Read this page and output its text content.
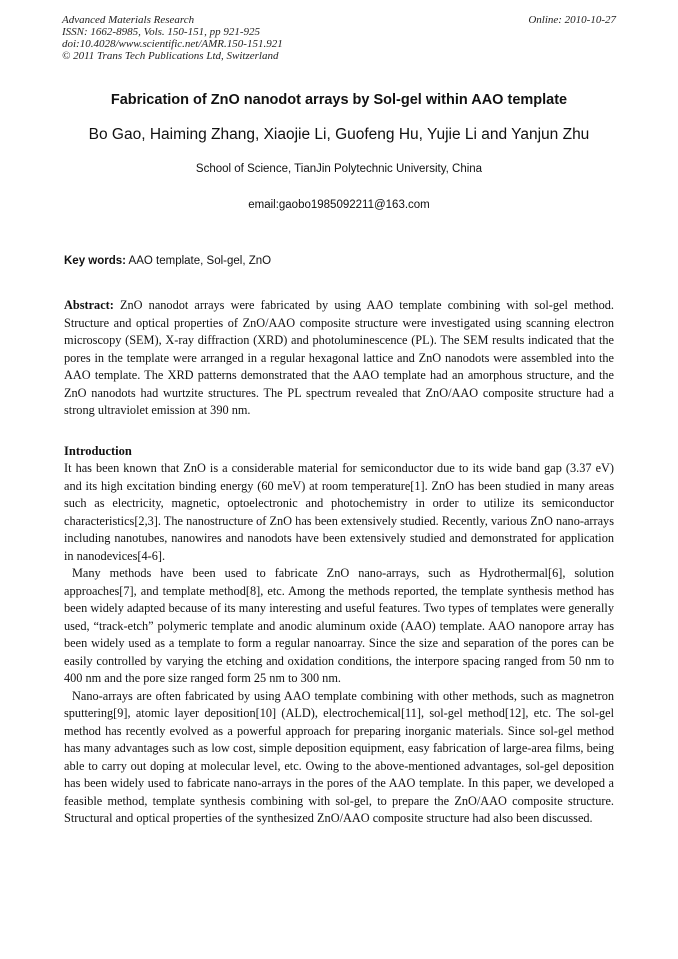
Advanced Materials Research
ISSN: 1662-8985, Vols. 150-151, pp 921-925
doi:10.4028/www.scientific.net/AMR.150-151.921
© 2011 Trans Tech Publications Ltd, Switzerland
Online: 2010-10-27
Fabrication of ZnO nanodot arrays by Sol-gel within AAO template
Bo Gao, Haiming Zhang, Xiaojie Li, Guofeng Hu, Yujie Li and Yanjun Zhu
School of Science, TianJin Polytechnic University, China
email:gaobo1985092211@163.com
Key words: AAO template, Sol-gel, ZnO
Abstract: ZnO nanodot arrays were fabricated by using AAO template combining with sol-gel method. Structure and optical properties of ZnO/AAO composite structure were investigated using scanning electron microscopy (SEM), X-ray diffraction (XRD) and photoluminescence (PL). The SEM results indicated that the pores in the template were arranged in a regular hexagonal lattice and ZnO nanodots were assembled into the AAO template. The XRD patterns demonstrated that the AAO template had an amorphous structure, and the ZnO nanodots had wurtzite structures. The PL spectrum revealed that ZnO/AAO composite structure had a strong ultraviolet emission at 390 nm.
Introduction

It has been known that ZnO is a considerable material for semiconductor due to its wide band gap (3.37 eV) and its high excitation binding energy (60 meV) at room temperature[1]. ZnO has been studied in many areas such as electricity, magnetic, optoelectronic and photochemistry in order to utilize its semiconductor characteristics[2,3]. The nanostructure of ZnO has been extensively studied. Recently, various ZnO nano-arrays including nanotubes, nanowires and nanodots have been extensively studied and demonstrated for application in nanodevices[4-6].

Many methods have been used to fabricate ZnO nano-arrays, such as Hydrothermal[6], solution approaches[7], and template method[8], etc. Among the methods reported, the template synthesis method has been widely adapted because of its many interesting and useful features. Two types of templates were generally used, “track-etch” polymeric template and anodic aluminum oxide (AAO) template. AAO nanopore array has been widely used as a template to form a regular nanoarray. Since the size and separation of the pores can be easily controlled by varying the etching and oxidation conditions, the interpore spacing ranged from 50 nm to 400 nm and the pore size ranged form 25 nm to 300 nm.

Nano-arrays are often fabricated by using AAO template combining with other methods, such as magnetron sputtering[9], atomic layer deposition[10] (ALD), electrochemical[11], sol-gel method[12], etc. The sol-gel method has recently evolved as a powerful approach for preparing inorganic materials. Since sol-gel method has many advantages such as low cost, simple deposition equipment, easy fabrication of large-area films, being able to carry out doping at molecular level, etc. Owing to the above-mentioned advantages, sol-gel deposition has been widely used to fabricate nano-arrays in the pores of the AAO template. In this paper, we developed a feasible method, template synthesis combining with sol-gel, to prepare the ZnO/AAO composite structure. Structural and optical properties of the synthesized ZnO/AAO composite structure had also been discussed.
